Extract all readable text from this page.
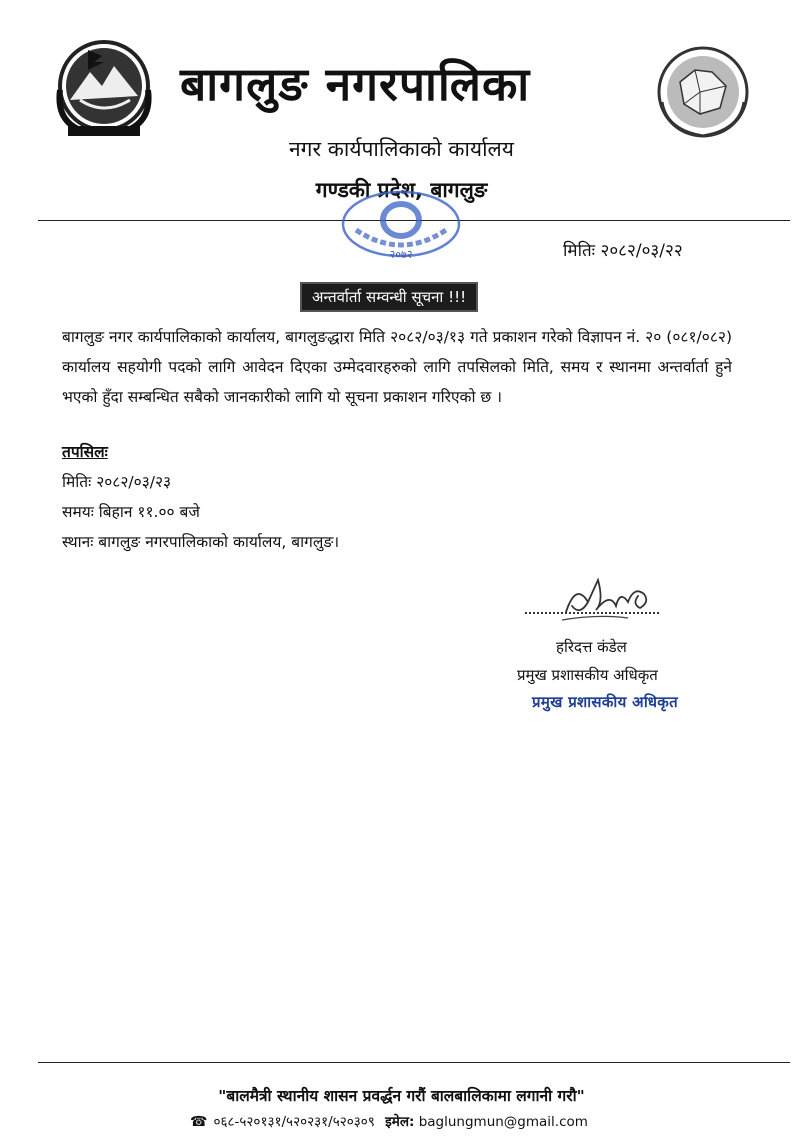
बागलुङ नगरपालिका
नगर कार्यपालिकाको कार्यालय
गण्डकी प्रदेश, बागलुङ
२०७२	मितिः २०८२/०३/२२
अन्तर्वार्ता सम्वन्धी सूचना !!!
बागलुङ नगर कार्यपालिकाको कार्यालय, बागलुङद्धारा मिति २०८२/०३/१३ गते प्रकाशन गरेको विज्ञापन नं. २० (०८१/०८२) कार्यालय सहयोगी पदको लागि आवेदन दिएका उम्मेदवारहरुको लागि तपसिलको मिति, समय र स्थानमा अन्तर्वार्ता हुने भएको हुँदा सम्बन्धित सबैको जानकारीको लागि यो सूचना प्रकाशन गरिएको छ ।
तपसिलः
मितिः २०८२/०३/२३
समयः बिहान ११.०० बजे
स्थानः बागलुङ नगरपालिकाको कार्यालय, बागलुङ।
हरिदत्त कंडेल
प्रमुख प्रशासकीय अधिकृत
प्रमुख प्रशासकीय अधिकृत
"बालमैत्री स्थानीय शासन प्रवर्द्धन गरौं बालबालिकामा लगानी गरौ"
☎ ०६८-५२०१३१/५२०२३१/५२०३०९ इमेल: baglungmun@gmail.com
